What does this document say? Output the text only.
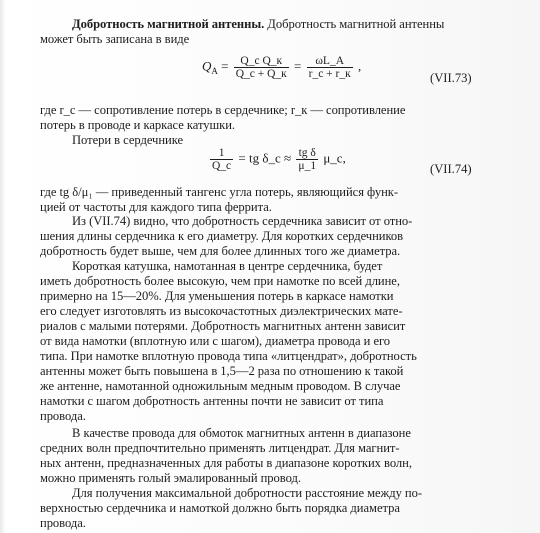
Добротность магнитной антенны. Добротность магнитной антенны
может быть записана в виде
$Q_A = \frac{\text{Q\_c Q\_к}}{Q\_c + Q\_к} = \frac{\omega L\_A}{r\_c + r\_к}$ ,
(VII.73)
где r_c — сопротивление потерь в сердечнике; r_к — сопротивление
потерь в проводе и каркасе катушки.
Потери в сердечнике
$\frac{1}{Q\_c}$ = tg δ_c ≈ $\frac{\text{tg δ}}{\mu\_1}$ μ_c,
(VII.74)
где tg δ/μ₁ — приведенный тангенс угла потерь, являющийся функ-
цией от частоты для каждого типа феррита.
Из (VII.74) видно, что добротность сердечника зависит от отно-
шения длины сердечника к его диаметру. Для коротких сердечников
добротность будет выше, чем для более длинных того же диаметра.
Короткая катушка, намотанная в центре сердечника, будет
иметь добротность более высокую, чем при намотке по всей длине,
примерно на 15—20%. Для уменьшения потерь в каркасе намотки
его следует изготовлять из высокочастотных диэлектрических мате-
риалов с малыми потерями. Добротность магнитных антенн зависит
от вида намотки (вплотную или с шагом), диаметра провода и его
типа. При намотке вплотную провода типа «литцендрат», добротность
антенны может быть повышена в 1,5—2 раза по отношению к такой
же антенне, намотанной одножильным медным проводом. В случае
намотки с шагом добротность антенны почти не зависит от типа
провода.
В качестве провода для обмоток магнитных антенн в диапазоне
средних волн предпочтительно применять литцендрат. Для магнит-
ных антенн, предназначенных для работы в диапазоне коротких волн,
можно применять голый эмалированный провод.
Для получения максимальной добротности расстояние между по-
верхностью сердечника и намоткой должно быть порядка диаметра
провода.
